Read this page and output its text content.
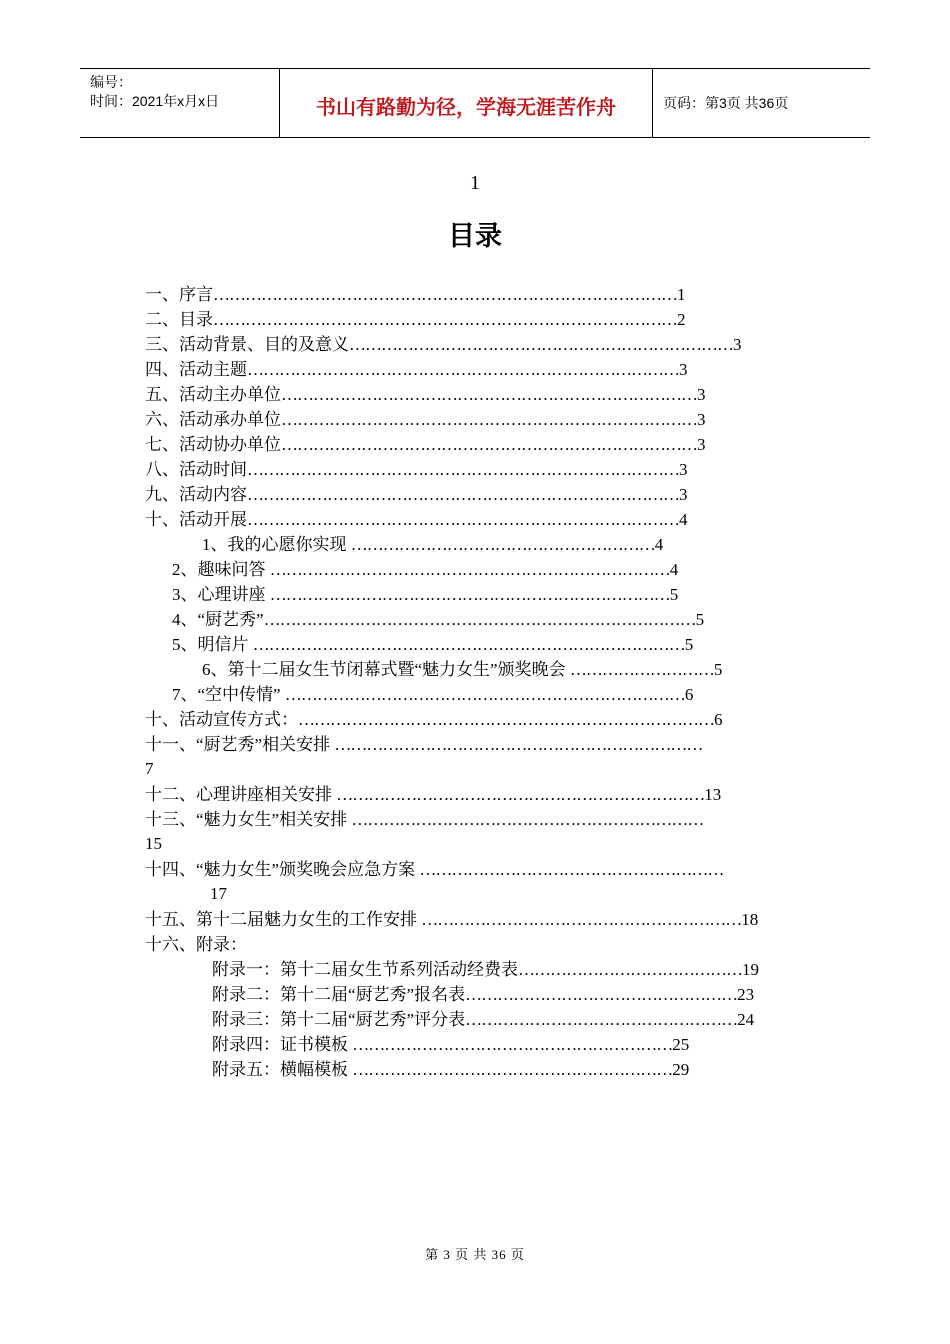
编号：
时间：2021年x月x日	书山有路勤为径，学海无涯苦作舟	页码：第3页 共36页
1
目录
一、序言……………………………………………………………………………1
二、目录……………………………………………………………………………2
三、活动背景、目的及意义………………………………………………………………3
四、活动主题………………………………………………………………………3
五、活动主办单位……………………………………………………………………3
六、活动承办单位……………………………………………………………………3
七、活动协办单位……………………………………………………………………3
八、活动时间………………………………………………………………………3
九、活动内容………………………………………………………………………3
十、活动开展………………………………………………………………………4
1、我的心愿你实现 …………………………………………………4
2、趣味问答 …………………………………………………………………4
3、心理讲座 …………………………………………………………………5
4、“厨艺秀”………………………………………………………………………5
5、明信片 ………………………………………………………………………5
6、第十二届女生节闭幕式暨“魅力女生”颁奖晚会 ………………………5
7、“空中传情” …………………………………………………………………6
十、活动宣传方式：……………………………………………………………………6
十一、“厨艺秀”相关安排 ……………………………………………………………
7
十二、心理讲座相关安排 ……………………………………………………………13
十三、“魅力女生”相关安排 …………………………………………………………
15
十四、“魅力女生”颁奖晚会应急方案 …………………………………………………
17
十五、第十二届魅力女生的工作安排 ……………………………………………………18
十六、附录：
附录一：第十二届女生节系列活动经费表……………………………………19
附录二：第十二届“厨艺秀”报名表……………………………………………23
附录三：第十二届“厨艺秀”评分表……………………………………………24
附录四：证书模板 ……………………………………………………25
附录五：横幅模板 ……………………………………………………29
第 3 页 共 36 页
